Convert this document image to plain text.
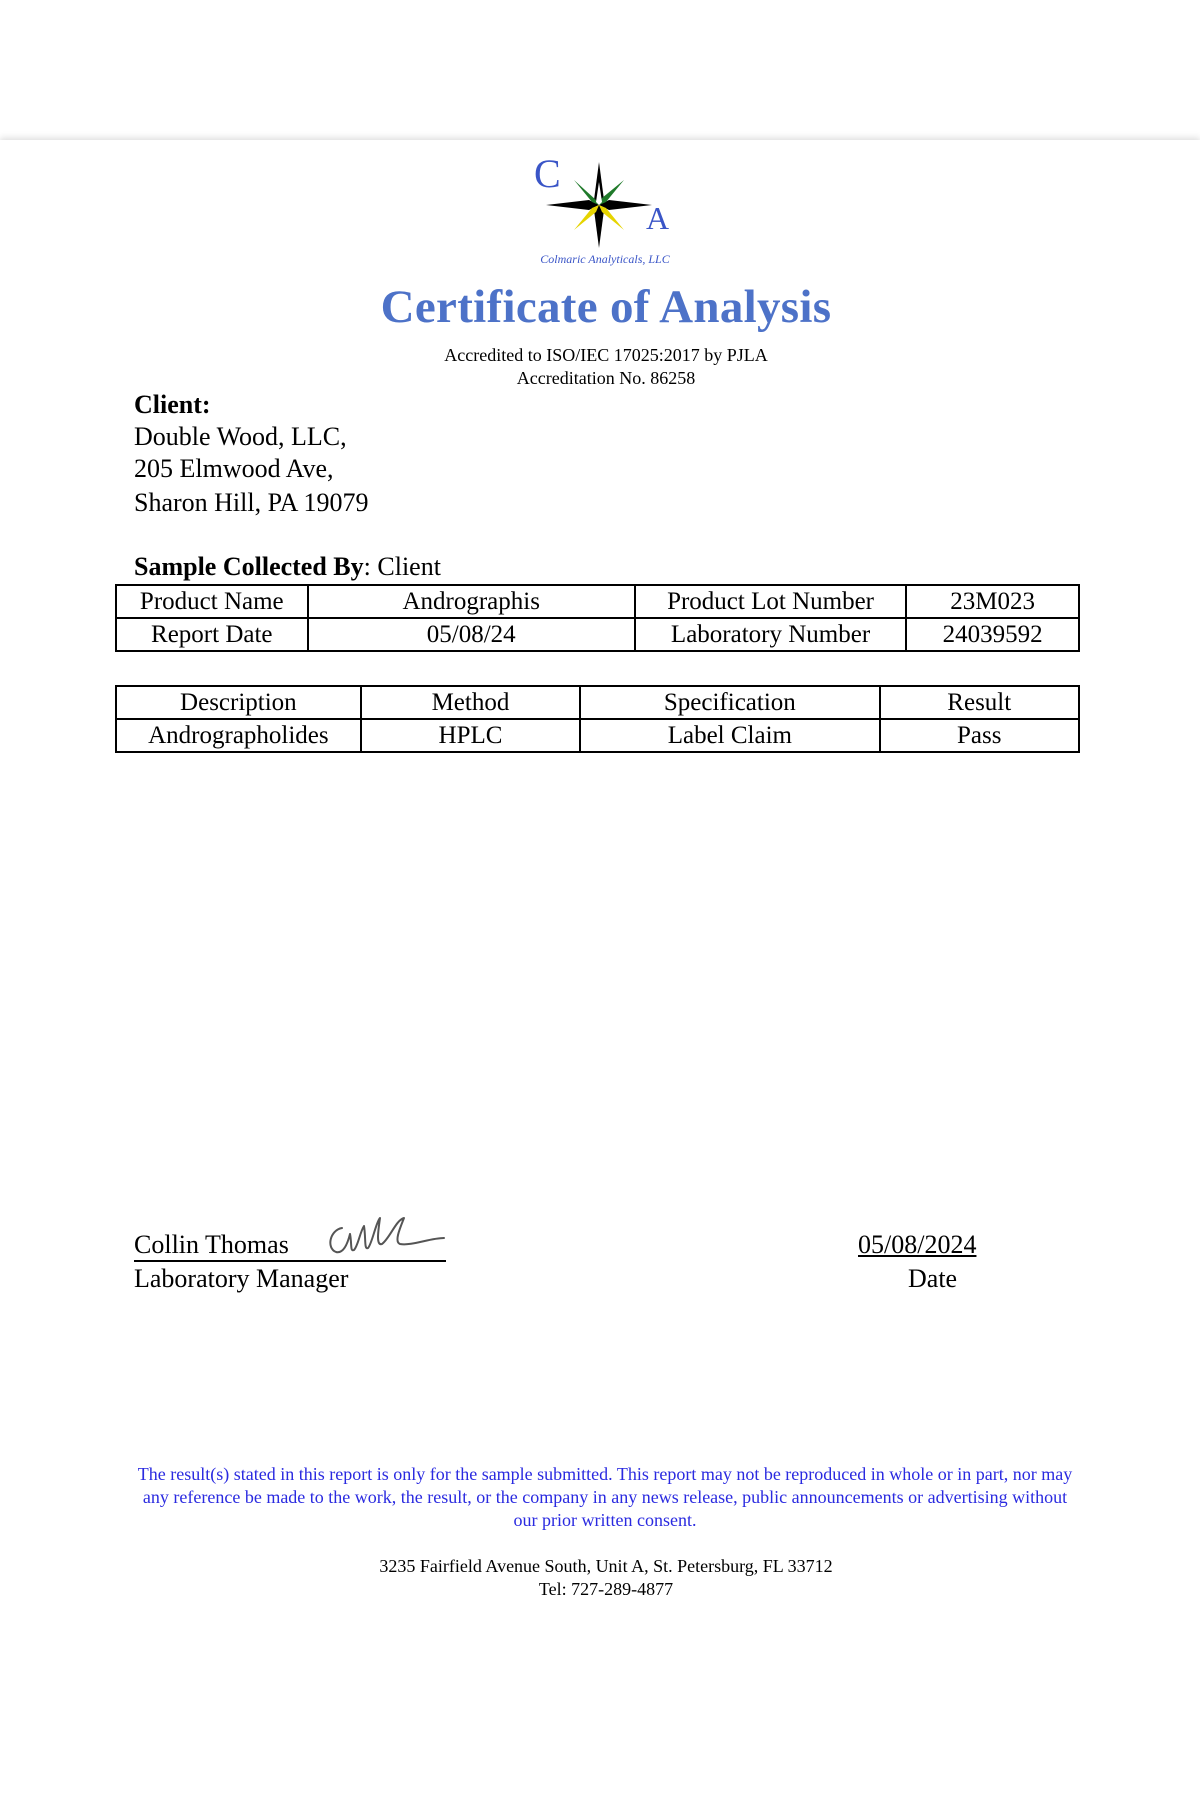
C
A
Colmaric Analyticals, LLC
Certificate of Analysis
Accredited to ISO/IEC 17025:2017 by PJLA
Accreditation No. 86258
Client:
Double Wood, LLC,
205 Elmwood Ave,
Sharon Hill, PA 19079
Sample Collected By: Client
Product Name	Andrographis	Product Lot Number	23M023
Report Date	05/08/24	Laboratory Number	24039592
Description	Method	Specification	Result
Andrographolides	HPLC	Label Claim	Pass
Collin Thomas
Laboratory Manager
05/08/2024
Date
The result(s) stated in this report is only for the sample submitted. This report may not be reproduced in whole or in part, nor may any reference be made to the work, the result, or the company in any news release, public announcements or advertising without our prior written consent.
3235 Fairfield Avenue South, Unit A, St. Petersburg, FL 33712
Tel: 727-289-4877
